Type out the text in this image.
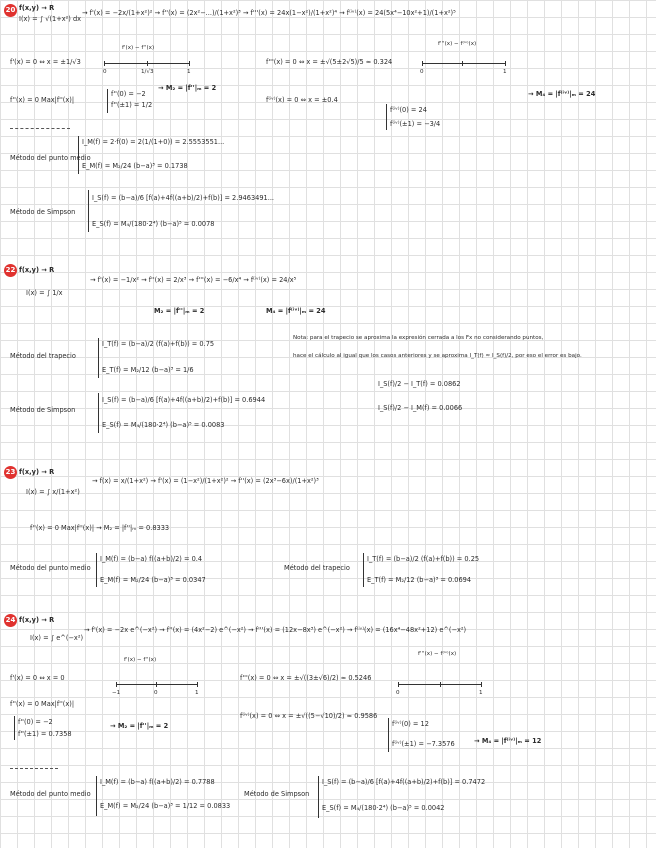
20 f(x,y) → R
I(x) = ∫ √(1+x²) dx
→ f'(x) = −2x/(1+x²)² → f''(x) = (2x²−...)/(1+x²)³ → f'''(x) = 24x(1−x²)/(1+x²)⁴ → f⁽ⁱᵛ⁾(x) = 24(5x⁴−10x²+1)/(1+x²)⁵
f'(x) = 0 ⇔ x = ±1/√3
f'(x) − f''(x)
0	1/√3	1
f'''(x) = 0 ⇔ x = ±√(5±2√5)/5 ≈ 0.324
f'''(x) − f⁽ⁱᵛ⁾(x)
0	1
f''(x) = 0 Max|f''(x)|
f''(0) = −2
f''(±1) = 1/2
→ M₂ = |f''|ₘ = 2
f⁽ⁱᵛ⁾(x) = 0 ⇔ x = ±0.4
f⁽ⁱᵛ⁾(0) = 24
f⁽ⁱᵛ⁾(±1) = −3/4
→ M₄ = |f⁽ⁱᵛ⁾|ₘ = 24
Método del punto medio
I_M(f) = 2·f(0) = 2(1/(1+0)) = 2.5553551...
E_M(f) = M₂/24 (b−a)³ = 0.1738
Método de Simpson
I_S(f) = (b−a)/6 [f(a)+4f((a+b)/2)+f(b)] = 2.9463491...
E_S(f) = M₄/(180·2⁴) (b−a)⁵ = 0.0078
22 f(x,y) → R
I(x) = ∫ 1/x
→ f'(x) = −1/x² → f''(x) = 2/x³ → f'''(x) = −6/x⁴ → f⁽ⁱᵛ⁾(x) = 24/x⁵
M₂ = |f''|ₘ = 2	M₄ = |f⁽ⁱᵛ⁾|ₘ = 24
Nota: para el trapecio se aproxima la expresión cerrada a los Fx no considerando puntos,
hace el cálculo al igual que los casos anteriores y se aproxima I_T(f) ≈ I_S(f)/2, por eso el error es bajo.
Método del trapecio
I_T(f) = (b−a)/2 (f(a)+f(b)) = 0.75
E_T(f) = M₂/12 (b−a)³ = 1/6
I_S(f)/2 − I_T(f) = 0.0862
I_S(f)/2 − I_M(f) = 0.0066
Método de Simpson
I_S(f) = (b−a)/6 [f(a)+4f((a+b)/2)+f(b)] = 0.6944
E_S(f) = M₄/(180·2⁴) (b−a)⁵ = 0.0083
23 f(x,y) → R
I(x) = ∫ x/(1+x²)
→ f(x) = x/(1+x²) → f'(x) = (1−x²)/(1+x²)² → f''(x) = (2x³−6x)/(1+x²)³
f''(x) = 0 Max|f''(x)| → M₂ = |f''|ₘ = 0.8333
Método del punto medio
I_M(f) = (b−a) f((a+b)/2) = 0.4
E_M(f) = M₂/24 (b−a)³ = 0.0347
Método del trapecio
I_T(f) = (b−a)/2 (f(a)+f(b)) = 0.25
E_T(f) = M₂/12 (b−a)³ = 0.0694
24 f(x,y) → R
I(x) = ∫ e^(−x²)
→ f'(x) = −2x e^(−x²) → f''(x) = (4x²−2) e^(−x²) → f'''(x) = (12x−8x³) e^(−x²) → f⁽ⁱᵛ⁾(x) = (16x⁴−48x²+12) e^(−x²)
f'(x) = 0 ⇔ x = 0
f'(x) − f''(x)
−1	0	1
f'''(x) = 0 ⇔ x = ±√((3±√6)/2) ≈ 0.5246
f'''(x) − f⁽ⁱᵛ⁾(x)
0	1
f''(x) = 0 Max|f''(x)|
f''(0) = −2
f''(±1) = 0.7358
→ M₂ = |f''|ₘ = 2
f⁽ⁱᵛ⁾(x) = 0 ⇔ x = ±√((5−√10)/2) ≈ 0.9586
f⁽ⁱᵛ⁾(0) = 12
f⁽ⁱᵛ⁾(±1) = −7.3576	→ M₄ = |f⁽ⁱᵛ⁾|ₘ = 12
Método del punto medio
I_M(f) = (b−a) f((a+b)/2) = 0.7788
E_M(f) = M₂/24 (b−a)³ = 1/12 = 0.0833
Método de Simpson
I_S(f) = (b−a)/6 [f(a)+4f((a+b)/2)+f(b)] = 0.7472
E_S(f) = M₄/(180·2⁴) (b−a)⁵ = 0.0042
